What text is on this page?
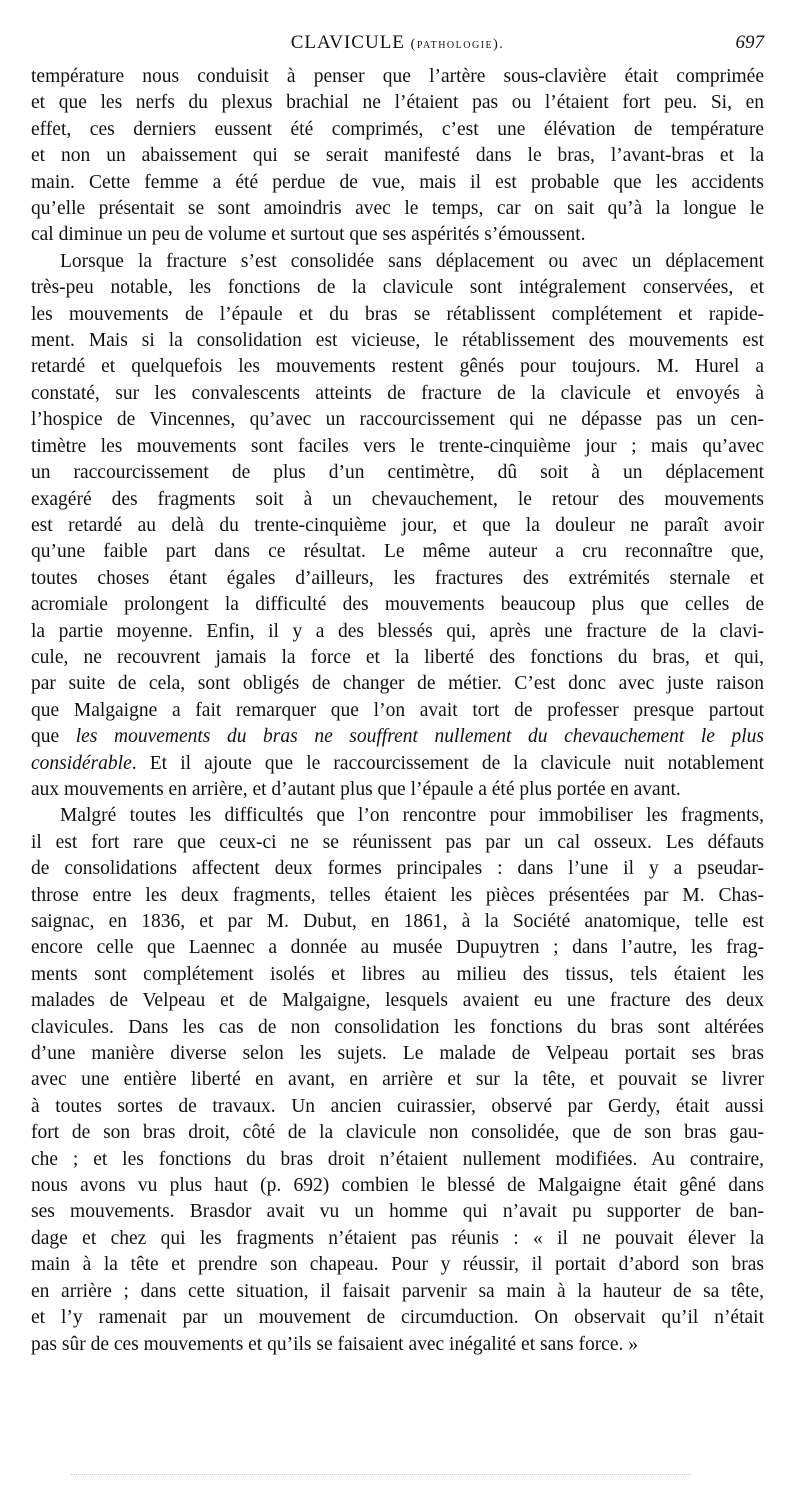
CLAVICULE (pathologie).	697
température nous conduisit à penser que l’artère sous-clavière était comprimée
et que les nerfs du plexus brachial ne l’étaient pas ou l’étaient fort peu. Si, en
effet, ces derniers eussent été comprimés, c’est une élévation de température
et non un abaissement qui se serait manifesté dans le bras, l’avant-bras et la
main. Cette femme a été perdue de vue, mais il est probable que les accidents
qu’elle présentait se sont amoindris avec le temps, car on sait qu’à la longue le
cal diminue un peu de volume et surtout que ses aspérités s’émoussent.
Lorsque la fracture s’est consolidée sans déplacement ou avec un déplacement
très-peu notable, les fonctions de la clavicule sont intégralement conservées, et
les mouvements de l’épaule et du bras se rétablissent complétement et rapide-
ment. Mais si la consolidation est vicieuse, le rétablissement des mouvements est
retardé et quelquefois les mouvements restent gênés pour toujours. M. Hurel a
constaté, sur les convalescents atteints de fracture de la clavicule et envoyés à
l’hospice de Vincennes, qu’avec un raccourcissement qui ne dépasse pas un cen-
timètre les mouvements sont faciles vers le trente-cinquième jour ; mais qu’avec
un raccourcissement de plus d’un centimètre, dû soit à un déplacement
exagéré des fragments soit à un chevauchement, le retour des mouvements
est retardé au delà du trente-cinquième jour, et que la douleur ne paraît avoir
qu’une faible part dans ce résultat. Le même auteur a cru reconnaître que,
toutes choses étant égales d’ailleurs, les fractures des extrémités sternale et
acromiale prolongent la difficulté des mouvements beaucoup plus que celles de
la partie moyenne. Enfin, il y a des blessés qui, après une fracture de la clavi-
cule, ne recouvrent jamais la force et la liberté des fonctions du bras, et qui,
par suite de cela, sont obligés de changer de métier. C’est donc avec juste raison
que Malgaigne a fait remarquer que l’on avait tort de professer presque partout
que les mouvements du bras ne souffrent nullement du chevauchement le plus
considérable. Et il ajoute que le raccourcissement de la clavicule nuit notablement
aux mouvements en arrière, et d’autant plus que l’épaule a été plus portée en avant.
Malgré toutes les difficultés que l’on rencontre pour immobiliser les fragments,
il est fort rare que ceux-ci ne se réunissent pas par un cal osseux. Les défauts
de consolidations affectent deux formes principales : dans l’une il y a pseudar-
throse entre les deux fragments, telles étaient les pièces présentées par M. Chas-
saignac, en 1836, et par M. Dubut, en 1861, à la Société anatomique, telle est
encore celle que Laennec a donnée au musée Dupuytren ; dans l’autre, les frag-
ments sont complétement isolés et libres au milieu des tissus, tels étaient les
malades de Velpeau et de Malgaigne, lesquels avaient eu une fracture des deux
clavicules. Dans les cas de non consolidation les fonctions du bras sont altérées
d’une manière diverse selon les sujets. Le malade de Velpeau portait ses bras
avec une entière liberté en avant, en arrière et sur la tête, et pouvait se livrer
à toutes sortes de travaux. Un ancien cuirassier, observé par Gerdy, était aussi
fort de son bras droit, côté de la clavicule non consolidée, que de son bras gau-
che ; et les fonctions du bras droit n’étaient nullement modifiées. Au contraire,
nous avons vu plus haut (p. 692) combien le blessé de Malgaigne était gêné dans
ses mouvements. Brasdor avait vu un homme qui n’avait pu supporter de ban-
dage et chez qui les fragments n’étaient pas réunis : « il ne pouvait élever la
main à la tête et prendre son chapeau. Pour y réussir, il portait d’abord son bras
en arrière ; dans cette situation, il faisait parvenir sa main à la hauteur de sa tête,
et l’y ramenait par un mouvement de circumduction. On observait qu’il n’était
pas sûr de ces mouvements et qu’ils se faisaient avec inégalité et sans force. »
